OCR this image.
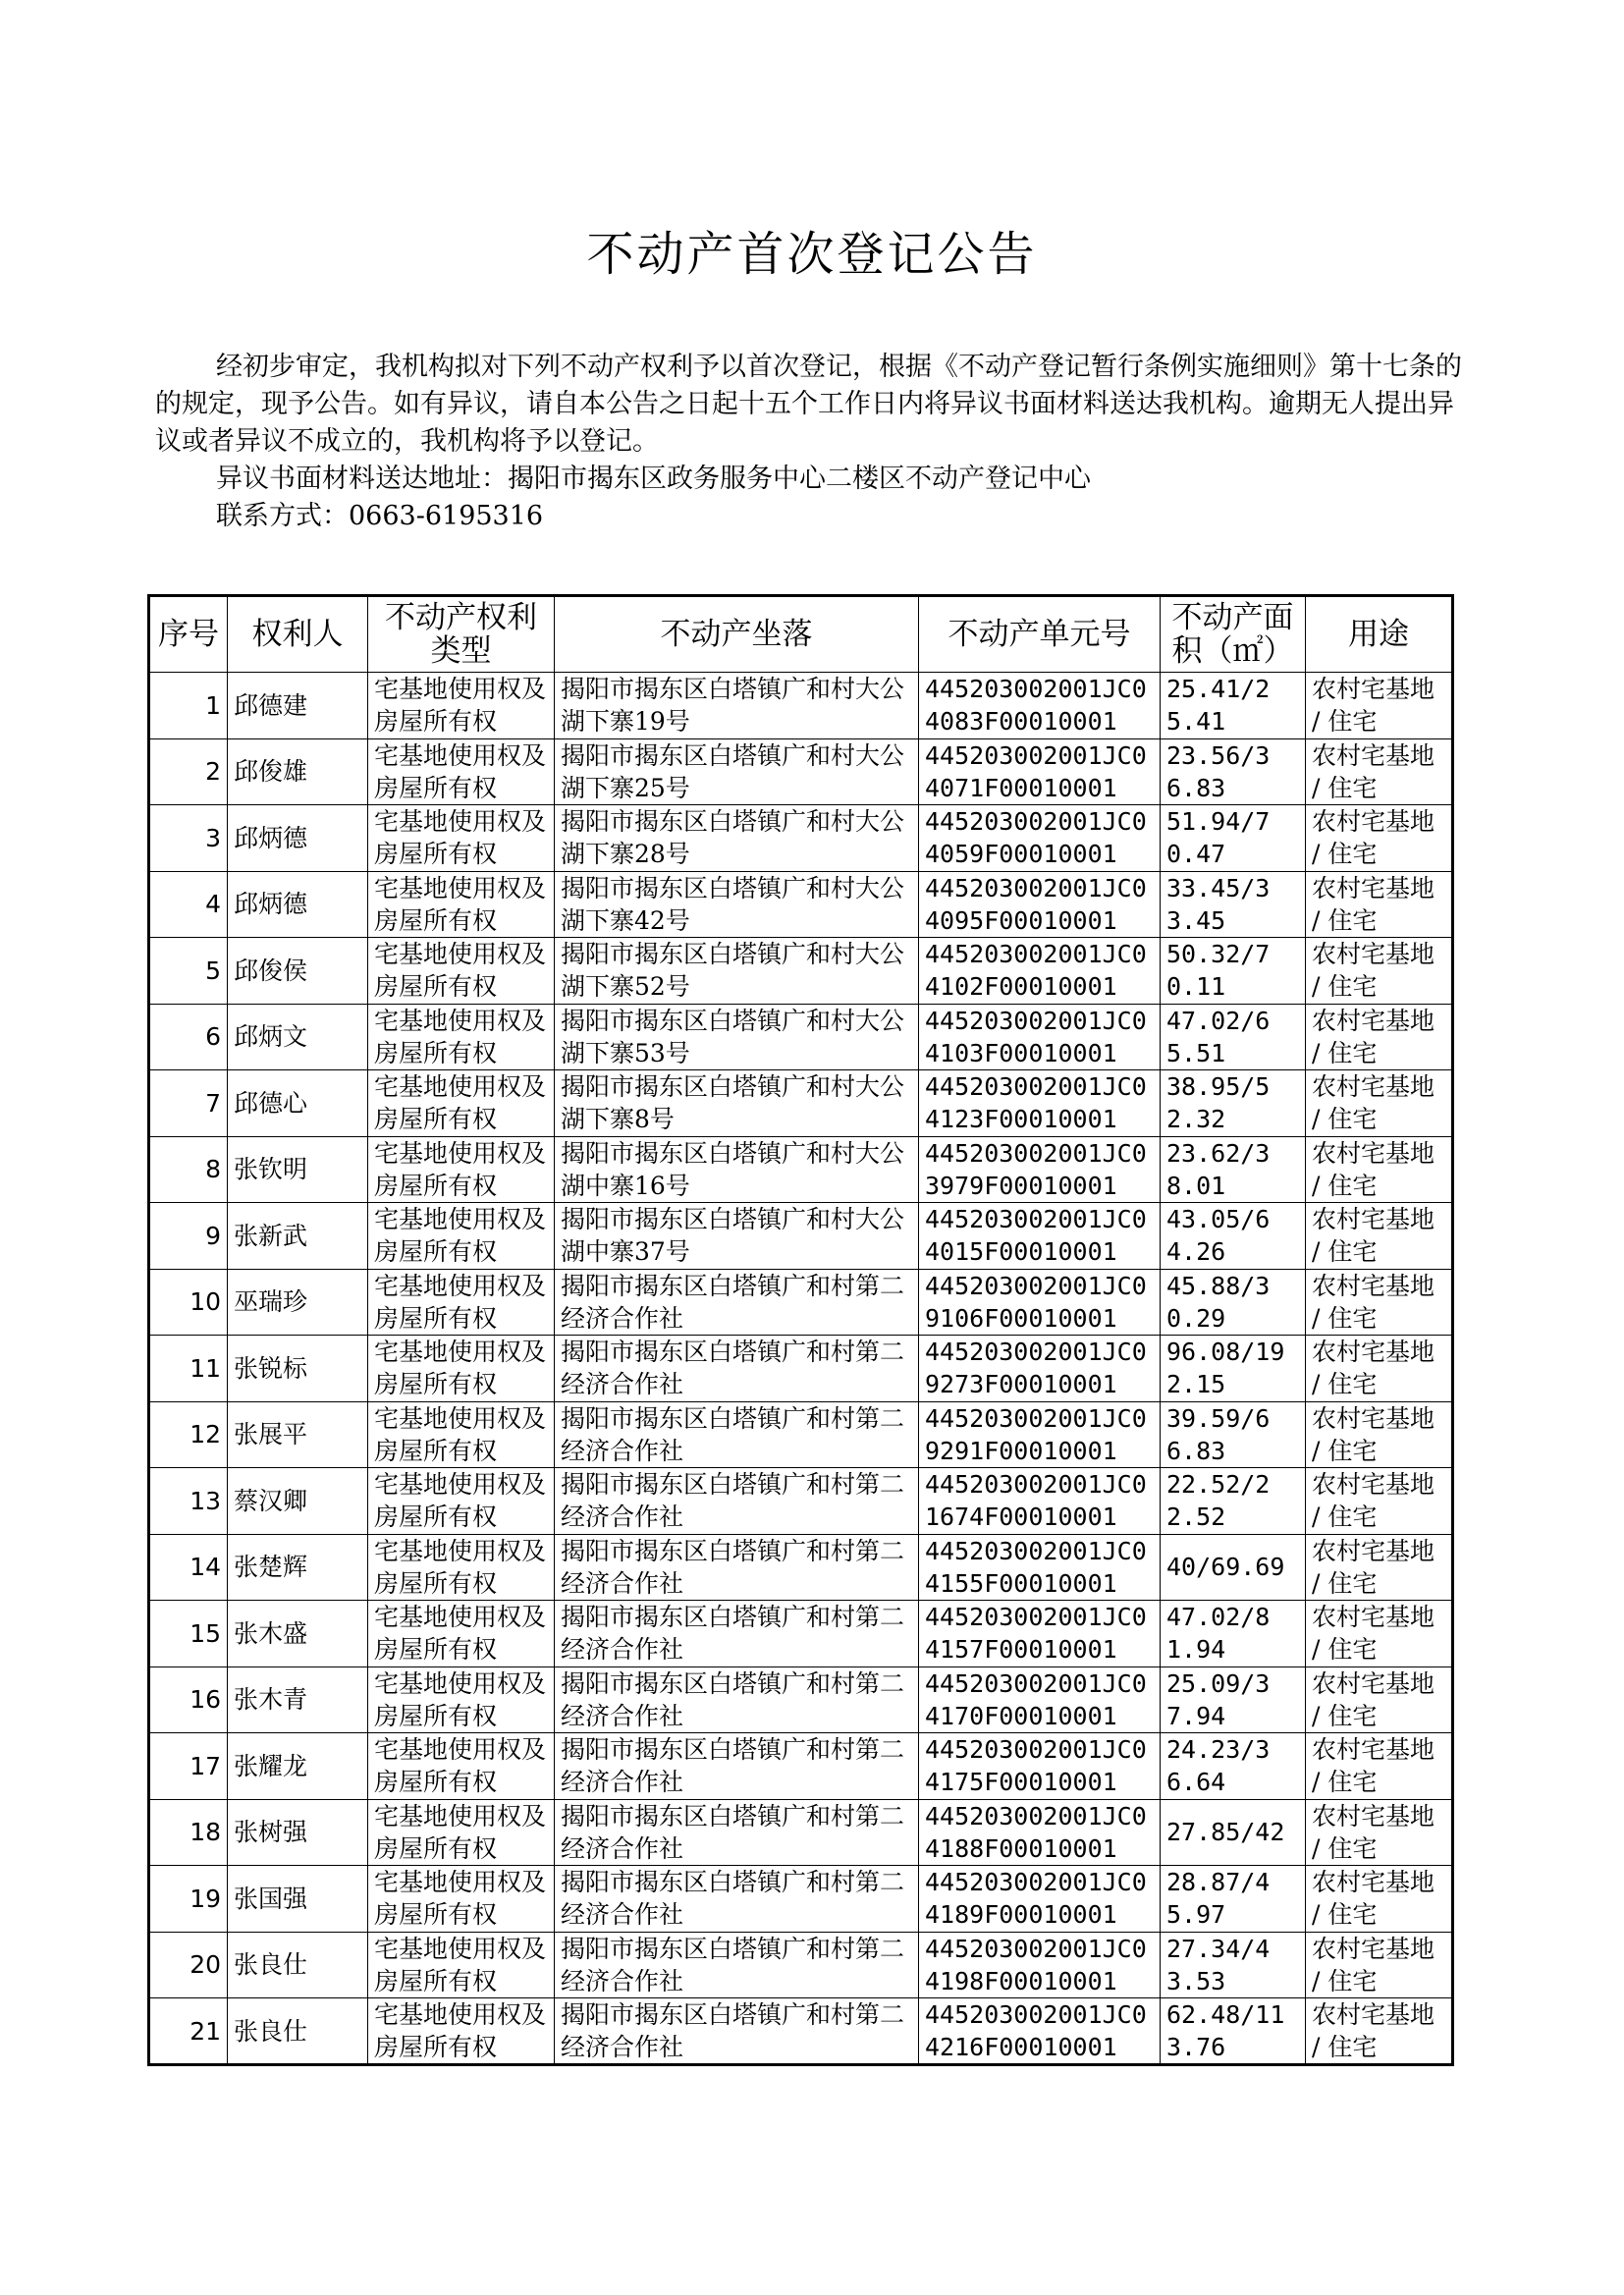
不动产首次登记公告

经初步审定，我机构拟对下列不动产权利予以首次登记，根据《不动产登记暂行条例实施细则》第十七条的的规定，现予公告。如有异议，请自本公告之日起十五个工作日内将异议书面材料送达我机构。逾期无人提出异议或者异议不成立的，我机构将予以登记。

异议书面材料送达地址：揭阳市揭东区政务服务中心二楼区不动产登记中心

联系方式：0663-6195316

序号	权利人	不动产权利类型	不动产坐落	不动产单元号	不动产面积（㎡）	用途
1	邱德建	宅基地使用权及房屋所有权	揭阳市揭东区白塔镇广和村大公湖下寨19号	445203002001JC04083F00010001	25.41/25.41	农村宅基地 / 住宅
2	邱俊雄	宅基地使用权及房屋所有权	揭阳市揭东区白塔镇广和村大公湖下寨25号	445203002001JC04071F00010001	23.56/36.83	农村宅基地 / 住宅
3	邱炳德	宅基地使用权及房屋所有权	揭阳市揭东区白塔镇广和村大公湖下寨28号	445203002001JC04059F00010001	51.94/70.47	农村宅基地 / 住宅
4	邱炳德	宅基地使用权及房屋所有权	揭阳市揭东区白塔镇广和村大公湖下寨42号	445203002001JC04095F00010001	33.45/33.45	农村宅基地 / 住宅
5	邱俊侯	宅基地使用权及房屋所有权	揭阳市揭东区白塔镇广和村大公湖下寨52号	445203002001JC04102F00010001	50.32/70.11	农村宅基地 / 住宅
6	邱炳文	宅基地使用权及房屋所有权	揭阳市揭东区白塔镇广和村大公湖下寨53号	445203002001JC04103F00010001	47.02/65.51	农村宅基地 / 住宅
7	邱德心	宅基地使用权及房屋所有权	揭阳市揭东区白塔镇广和村大公湖下寨8号	445203002001JC04123F00010001	38.95/52.32	农村宅基地 / 住宅
8	张钦明	宅基地使用权及房屋所有权	揭阳市揭东区白塔镇广和村大公湖中寨16号	445203002001JC03979F00010001	23.62/38.01	农村宅基地 / 住宅
9	张新武	宅基地使用权及房屋所有权	揭阳市揭东区白塔镇广和村大公湖中寨37号	445203002001JC04015F00010001	43.05/64.26	农村宅基地 / 住宅
10	巫瑞珍	宅基地使用权及房屋所有权	揭阳市揭东区白塔镇广和村第二经济合作社	445203002001JC09106F00010001	45.88/30.29	农村宅基地 / 住宅
11	张锐标	宅基地使用权及房屋所有权	揭阳市揭东区白塔镇广和村第二经济合作社	445203002001JC09273F00010001	96.08/192.15	农村宅基地 / 住宅
12	张展平	宅基地使用权及房屋所有权	揭阳市揭东区白塔镇广和村第二经济合作社	445203002001JC09291F00010001	39.59/66.83	农村宅基地 / 住宅
13	蔡汉卿	宅基地使用权及房屋所有权	揭阳市揭东区白塔镇广和村第二经济合作社	445203002001JC01674F00010001	22.52/22.52	农村宅基地 / 住宅
14	张楚辉	宅基地使用权及房屋所有权	揭阳市揭东区白塔镇广和村第二经济合作社	445203002001JC04155F00010001	40/69.69	农村宅基地 / 住宅
15	张木盛	宅基地使用权及房屋所有权	揭阳市揭东区白塔镇广和村第二经济合作社	445203002001JC04157F00010001	47.02/81.94	农村宅基地 / 住宅
16	张木青	宅基地使用权及房屋所有权	揭阳市揭东区白塔镇广和村第二经济合作社	445203002001JC04170F00010001	25.09/37.94	农村宅基地 / 住宅
17	张耀龙	宅基地使用权及房屋所有权	揭阳市揭东区白塔镇广和村第二经济合作社	445203002001JC04175F00010001	24.23/36.64	农村宅基地 / 住宅
18	张树强	宅基地使用权及房屋所有权	揭阳市揭东区白塔镇广和村第二经济合作社	445203002001JC04188F00010001	27.85/42	农村宅基地 / 住宅
19	张国强	宅基地使用权及房屋所有权	揭阳市揭东区白塔镇广和村第二经济合作社	445203002001JC04189F00010001	28.87/45.97	农村宅基地 / 住宅
20	张良仕	宅基地使用权及房屋所有权	揭阳市揭东区白塔镇广和村第二经济合作社	445203002001JC04198F00010001	27.34/43.53	农村宅基地 / 住宅
21	张良仕	宅基地使用权及房屋所有权	揭阳市揭东区白塔镇广和村第二经济合作社	445203002001JC04216F00010001	62.48/113.76	农村宅基地 / 住宅
